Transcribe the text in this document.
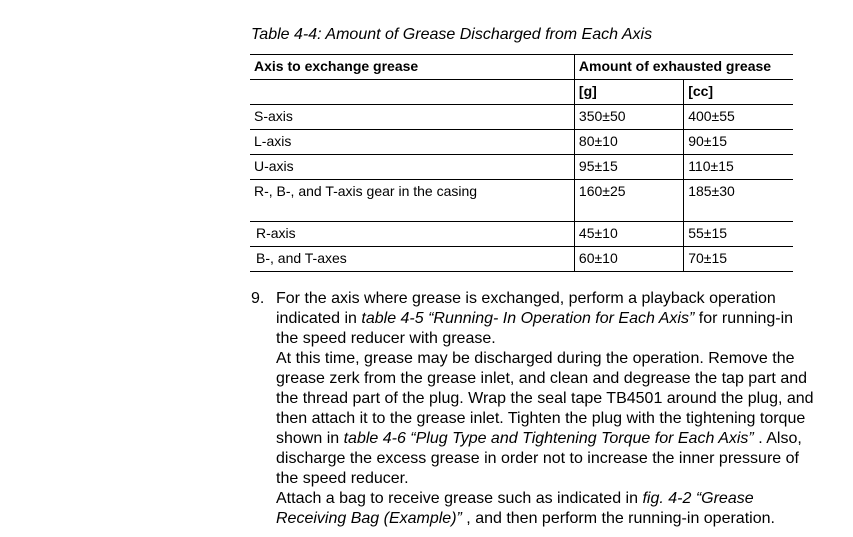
Table 4-4: Amount of Grease Discharged from Each Axis
Axis to exchange grease	Amount of exhausted grease	
	[g]	[cc]
S-axis	350±50	400±55
L-axis	80±10	90±15
U-axis	95±15	110±15
R-, B-, and T-axis gear in the casing	160±25	185±30
R-axis	45±10	55±15
B-, and T-axes	60±10	70±15
9. For the axis where grease is exchanged, perform a playback operation indicated in table 4-5 “Running- In Operation for Each Axis” for running-in the speed reducer with grease.
At this time, grease may be discharged during the operation. Remove the grease zerk from the grease inlet, and clean and degrease the tap part and the thread part of the plug. Wrap the seal tape TB4501 around the plug, and then attach it to the grease inlet. Tighten the plug with the tightening torque shown in table 4-6 “Plug Type and Tightening Torque for Each Axis” . Also, discharge the excess grease in order not to increase the inner pressure of the speed reducer.
Attach a bag to receive grease such as indicated in fig. 4-2 “Grease Receiving Bag (Example)” , and then perform the running-in operation.
